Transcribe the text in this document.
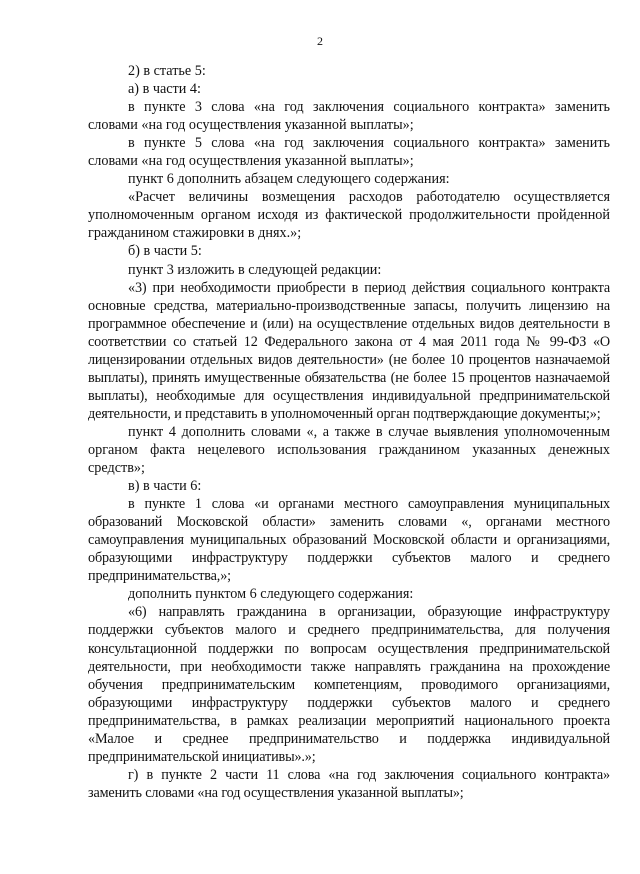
2

2) в статье 5:

а) в части 4:

в пункте 3 слова «на год заключения социального контракта» заменить словами «на год осуществления указанной выплаты»;

в пункте 5 слова «на год заключения социального контракта» заменить словами «на год осуществления указанной выплаты»;

пункт 6 дополнить абзацем следующего содержания:

«Расчет величины возмещения расходов работодателю осуществляется уполномоченным органом исходя из фактической продолжительности пройденной гражданином стажировки в днях.»;

б) в части 5:

пункт 3 изложить в следующей редакции:

«3) при необходимости приобрести в период действия социального контракта основные средства, материально-производственные запасы, получить лицензию на программное обеспечение и (или) на осуществление отдельных видов деятельности в соответствии со статьей 12 Федерального закона от 4 мая 2011 года № 99-ФЗ «О лицензировании отдельных видов деятельности» (не более 10 процентов назначаемой выплаты), принять имущественные обязательства (не более 15 процентов назначаемой выплаты), необходимые для осуществления индивидуальной предпринимательской деятельности, и представить в уполномоченный орган подтверждающие документы;»;

пункт 4 дополнить словами «, а также в случае выявления уполномоченным органом факта нецелевого использования гражданином указанных денежных средств»;

в) в части 6:

в пункте 1 слова «и органами местного самоуправления муниципальных образований Московской области» заменить словами «, органами местного самоуправления муниципальных образований Московской области и организациями, образующими инфраструктуру поддержки субъектов малого и среднего предпринимательства,»;

дополнить пунктом 6 следующего содержания:

«6) направлять гражданина в организации, образующие инфраструктуру поддержки субъектов малого и среднего предпринимательства, для получения консультационной поддержки по вопросам осуществления предпринимательской деятельности, при необходимости также направлять гражданина на прохождение обучения предпринимательским компетенциям, проводимого организациями, образующими инфраструктуру поддержки субъектов малого и среднего предпринимательства, в рамках реализации мероприятий национального проекта «Малое и среднее предпринимательство и поддержка индивидуальной предпринимательской инициативы».»;

г) в пункте 2 части 11 слова «на год заключения социального контракта» заменить словами «на год осуществления указанной выплаты»;
